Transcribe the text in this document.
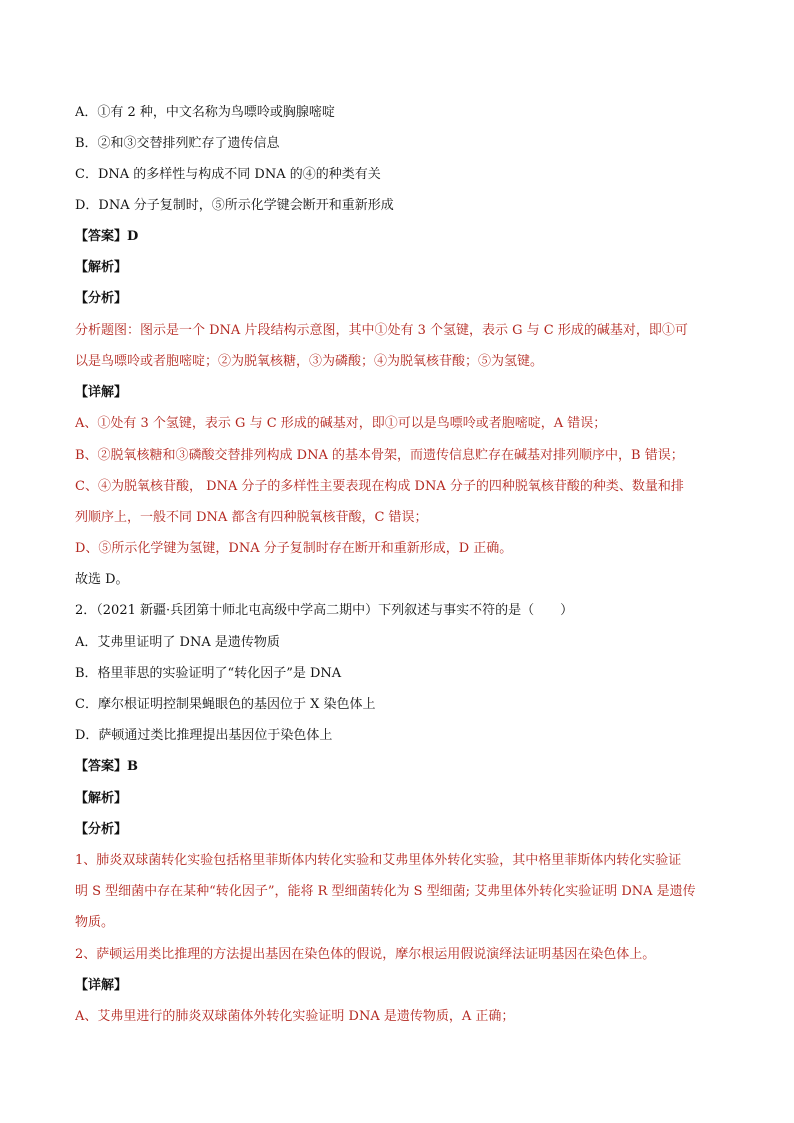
A．①有 2 种，中文名称为鸟嘌呤或胸腺嘧啶
B．②和③交替排列贮存了遗传信息
C．DNA 的多样性与构成不同 DNA 的④的种类有关
D．DNA 分子复制时，⑤所示化学键会断开和重新形成
【答案】D
【解析】
【分析】
分析题图：图示是一个 DNA 片段结构示意图，其中①处有 3 个氢键，表示 G 与 C 形成的碱基对，即①可
以是鸟嘌呤或者胞嘧啶；②为脱氧核糖，③为磷酸；④为脱氧核苷酸；⑤为氢键。
【详解】
A、①处有 3 个氢键，表示 G 与 C 形成的碱基对，即①可以是鸟嘌呤或者胞嘧啶，A 错误；
B、②脱氧核糖和③磷酸交替排列构成 DNA 的基本骨架，而遗传信息贮存在碱基对排列顺序中，B 错误；
C、④为脱氧核苷酸， DNA 分子的多样性主要表现在构成 DNA 分子的四种脱氧核苷酸的种类、数量和排
列顺序上，一般不同 DNA 都含有四种脱氧核苷酸，C 错误；
D、⑤所示化学键为氢键，DNA 分子复制时存在断开和重新形成，D 正确。
故选 D。
2．（2021 新疆·兵团第十师北屯高级中学高二期中）下列叙述与事实不符的是（　　）
A．艾弗里证明了 DNA 是遗传物质
B．格里菲思的实验证明了“转化因子”是 DNA
C．摩尔根证明控制果蝇眼色的基因位于 X 染色体上
D．萨顿通过类比推理提出基因位于染色体上
【答案】B
【解析】
【分析】
1、肺炎双球菌转化实验包括格里菲斯体内转化实验和艾弗里体外转化实验，其中格里菲斯体内转化实验证
明 S 型细菌中存在某种“转化因子”，能将 R 型细菌转化为 S 型细菌; 艾弗里体外转化实验证明 DNA 是遗传
物质。
2、萨顿运用类比推理的方法提出基因在染色体的假说，摩尔根运用假说演绎法证明基因在染色体上。
【详解】
A、艾弗里进行的肺炎双球菌体外转化实验证明 DNA 是遗传物质，A 正确；
